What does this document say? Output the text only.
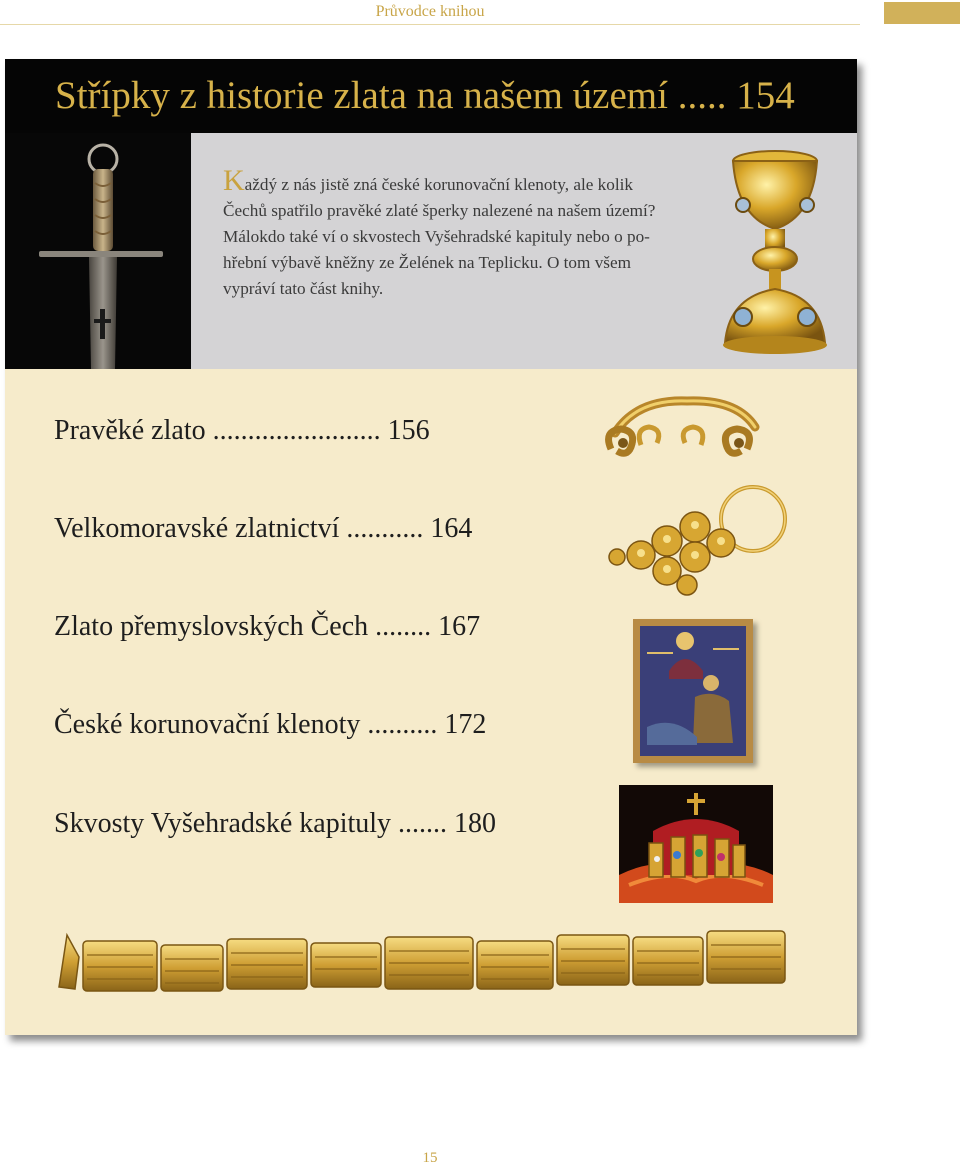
Průvodce knihou
Střípky z historie zlata na našem území ..... 154
Každý z nás jistě zná české korunovační klenoty, ale kolik
Čechů spatřilo pravěké zlaté šperky nalezené na našem území?
Málokdo také ví o skvostech Vyšehradské kapituly nebo o po-
hřební výbavě kněžny ze Želének na Teplicku. O tom všem
vypráví tato část knihy.
Pravěké zlato ........................ 156
Velkomoravské zlatnictví ........... 164
Zlato přemyslovských Čech ........ 167
České korunovační klenoty .......... 172
Skvosty Vyšehradské kapituly ....... 180
15
